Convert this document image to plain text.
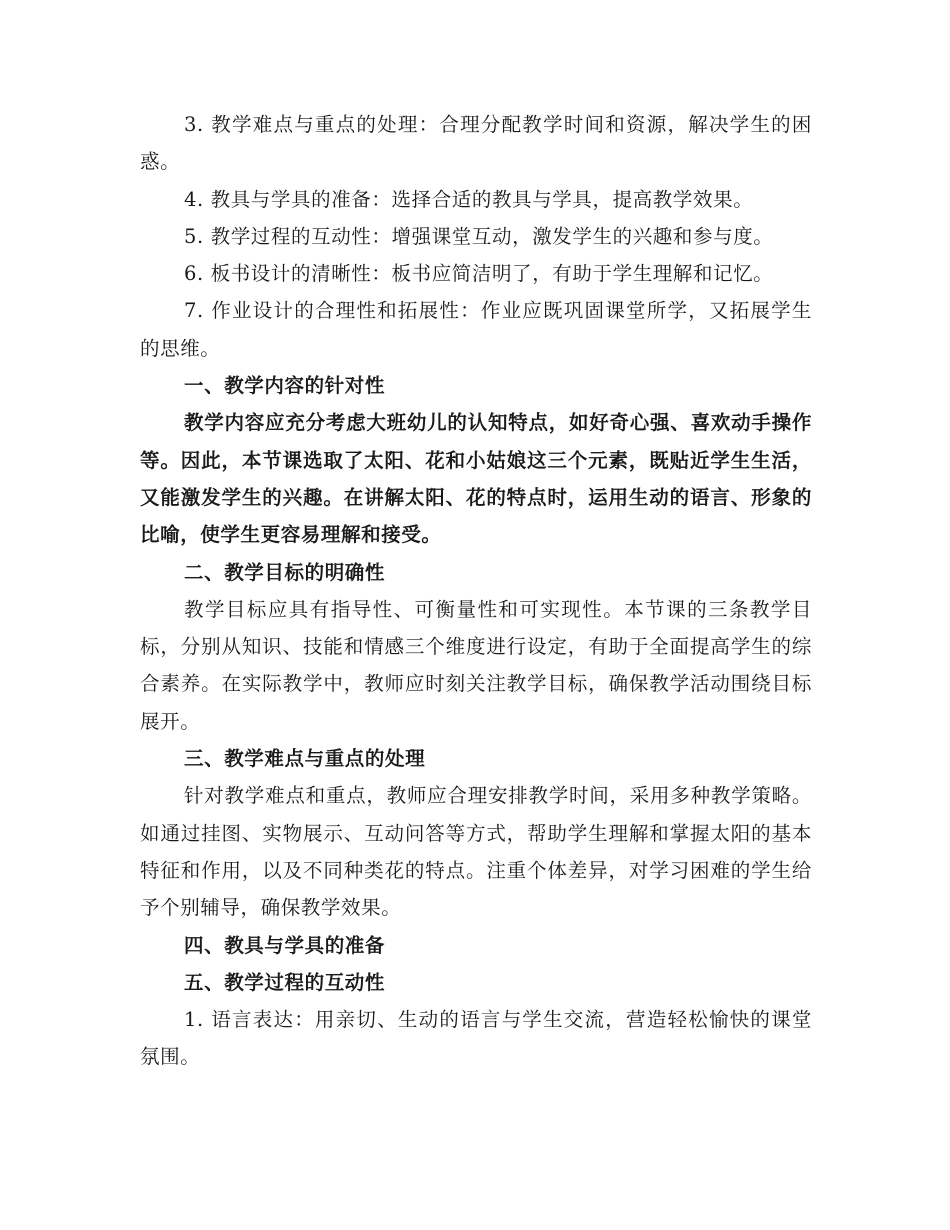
3. 教学难点与重点的处理：合理分配教学时间和资源，解决学生的困惑。

4. 教具与学具的准备：选择合适的教具与学具，提高教学效果。

5. 教学过程的互动性：增强课堂互动，激发学生的兴趣和参与度。

6. 板书设计的清晰性：板书应简洁明了，有助于学生理解和记忆。

7. 作业设计的合理性和拓展性：作业应既巩固课堂所学，又拓展学生的思维。

一、教学内容的针对性

教学内容应充分考虑大班幼儿的认知特点，如好奇心强、喜欢动手操作等。因此，本节课选取了太阳、花和小姑娘这三个元素，既贴近学生生活，又能激发学生的兴趣。在讲解太阳、花的特点时，运用生动的语言、形象的比喻，使学生更容易理解和接受。

二、教学目标的明确性

教学目标应具有指导性、可衡量性和可实现性。本节课的三条教学目标，分别从知识、技能和情感三个维度进行设定，有助于全面提高学生的综合素养。在实际教学中，教师应时刻关注教学目标，确保教学活动围绕目标展开。

三、教学难点与重点的处理

针对教学难点和重点，教师应合理安排教学时间，采用多种教学策略。如通过挂图、实物展示、互动问答等方式，帮助学生理解和掌握太阳的基本特征和作用，以及不同种类花的特点。注重个体差异，对学习困难的学生给予个别辅导，确保教学效果。

四、教具与学具的准备

五、教学过程的互动性

1. 语言表达：用亲切、生动的语言与学生交流，营造轻松愉快的课堂氛围。
